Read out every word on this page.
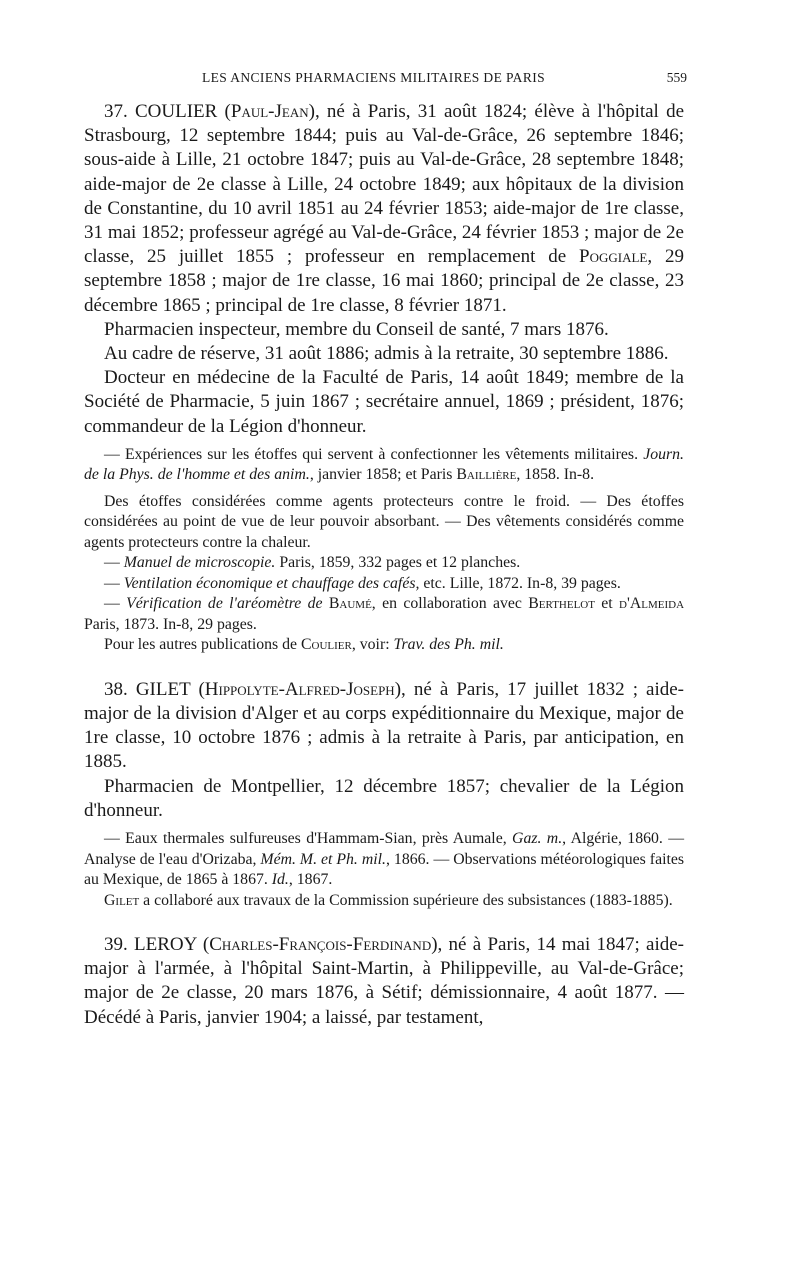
LES ANCIENS PHARMACIENS MILITAIRES DE PARIS	559

37. COULIER (Paul-Jean), né à Paris, 31 août 1824; élève à l'hôpital de Strasbourg, 12 septembre 1844; puis au Val-de-Grâce, 26 septembre 1846; sous-aide à Lille, 21 octobre 1847; puis au Val-de-Grâce, 28 septembre 1848; aide-major de 2e classe à Lille, 24 octobre 1849; aux hôpitaux de la division de Constantine, du 10 avril 1851 au 24 février 1853; aide-major de 1re classe, 31 mai 1852; professeur agrégé au Val-de-Grâce, 24 février 1853 ; major de 2e classe, 25 juillet 1855 ; professeur en remplacement de Poggiale, 29 septembre 1858 ; major de 1re classe, 16 mai 1860; principal de 2e classe, 23 décembre 1865 ; principal de 1re classe, 8 février 1871.

Pharmacien inspecteur, membre du Conseil de santé, 7 mars 1876.

Au cadre de réserve, 31 août 1886; admis à la retraite, 30 septembre 1886.

Docteur en médecine de la Faculté de Paris, 14 août 1849; membre de la Société de Pharmacie, 5 juin 1867 ; secrétaire annuel, 1869 ; président, 1876; commandeur de la Légion d'honneur.

— Expériences sur les étoffes qui servent à confectionner les vêtements militaires. Journ. de la Phys. de l'homme et des anim., janvier 1858; et Paris Baillière, 1858. In-8.

Des étoffes considérées comme agents protecteurs contre le froid. — Des étoffes considérées au point de vue de leur pouvoir absorbant. — Des vêtements considérés comme agents protecteurs contre la chaleur.

— Manuel de microscopie. Paris, 1859, 332 pages et 12 planches.

— Ventilation économique et chauffage des cafés, etc. Lille, 1872. In-8, 39 pages.

— Vérification de l'aréomètre de Baumé, en collaboration avec Berthelot et d'Almeida Paris, 1873. In-8, 29 pages.

Pour les autres publications de Coulier, voir: Trav. des Ph. mil.

38. GILET (Hippolyte-Alfred-Joseph), né à Paris, 17 juillet 1832 ; aide-major de la division d'Alger et au corps expéditionnaire du Mexique, major de 1re classe, 10 octobre 1876 ; admis à la retraite à Paris, par anticipation, en 1885.

Pharmacien de Montpellier, 12 décembre 1857; chevalier de la Légion d'honneur.

— Eaux thermales sulfureuses d'Hammam-Sian, près Aumale, Gaz. m., Algérie, 1860. — Analyse de l'eau d'Orizaba, Mém. M. et Ph. mil., 1866. — Observations météorologiques faites au Mexique, de 1865 à 1867. Id., 1867.

Gilet a collaboré aux travaux de la Commission supérieure des subsistances (1883-1885).

39. LEROY (Charles-François-Ferdinand), né à Paris, 14 mai 1847; aide-major à l'armée, à l'hôpital Saint-Martin, à Philippeville, au Val-de-Grâce; major de 2e classe, 20 mars 1876, à Sétif; démissionnaire, 4 août 1877. — Décédé à Paris, janvier 1904; a laissé, par testament,
